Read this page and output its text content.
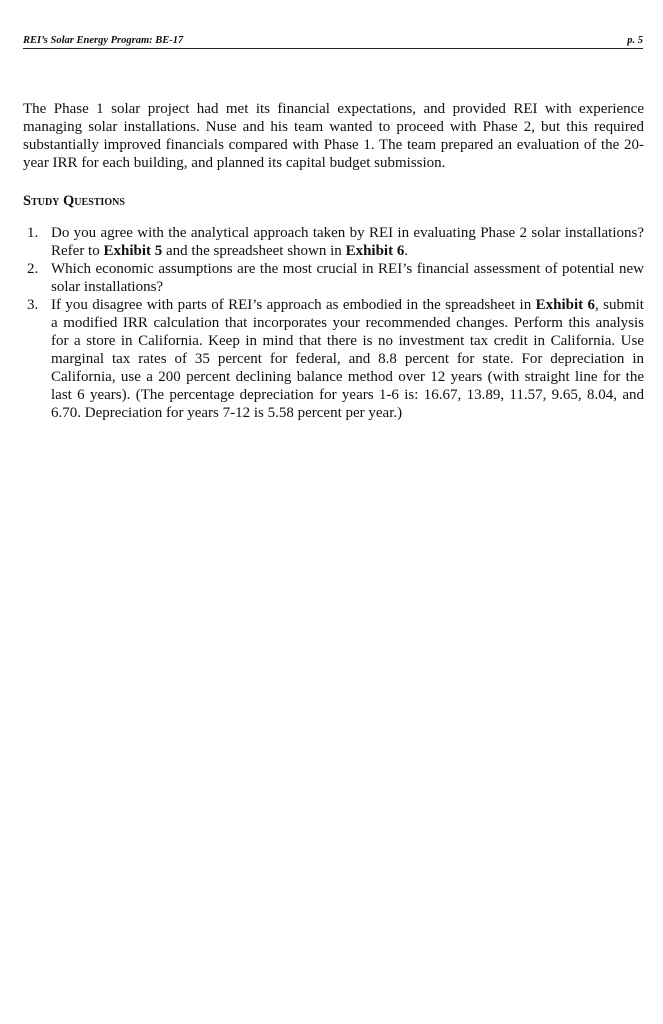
REI’s Solar Energy Program: BE-17	p. 5

The Phase 1 solar project had met its financial expectations, and provided REI with experience managing solar installations. Nuse and his team wanted to proceed with Phase 2, but this required substantially improved financials compared with Phase 1. The team prepared an evaluation of the 20-year IRR for each building, and planned its capital budget submission.

Study Questions
1. Do you agree with the analytical approach taken by REI in evaluating Phase 2 solar installations? Refer to Exhibit 5 and the spreadsheet shown in Exhibit 6.
2. Which economic assumptions are the most crucial in REI’s financial assessment of potential new solar installations?
3. If you disagree with parts of REI’s approach as embodied in the spreadsheet in Exhibit 6, submit a modified IRR calculation that incorporates your recommended changes. Perform this analysis for a store in California. Keep in mind that there is no investment tax credit in California. Use marginal tax rates of 35 percent for federal, and 8.8 percent for state. For depreciation in California, use a 200 percent declining balance method over 12 years (with straight line for the last 6 years). (The percentage depreciation for years 1-6 is: 16.67, 13.89, 11.57, 9.65, 8.04, and 6.70. Depreciation for years 7-12 is 5.58 percent per year.)
